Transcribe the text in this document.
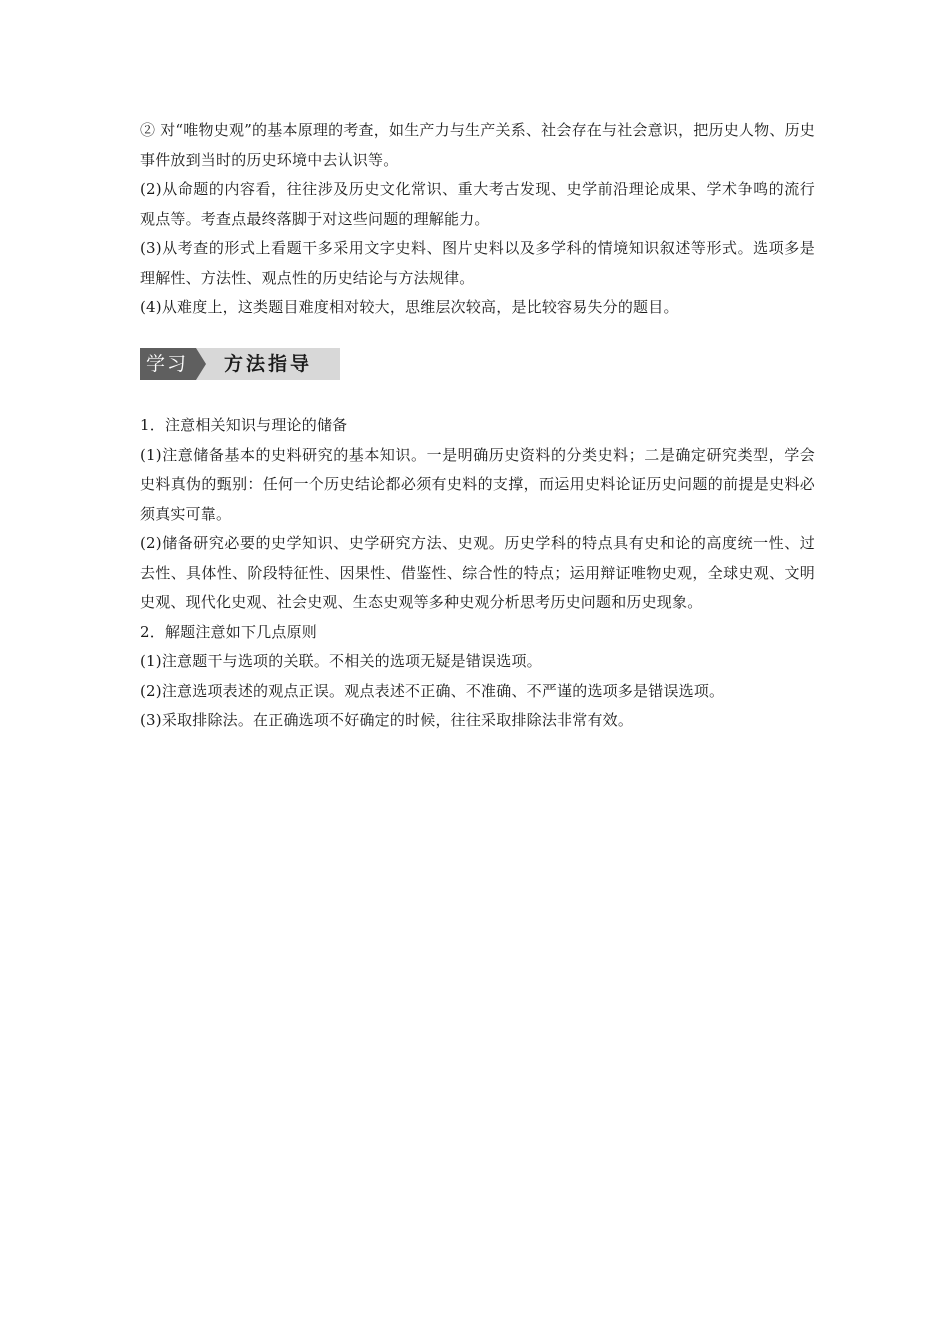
② 对“唯物史观”的基本原理的考查，如生产力与生产关系、社会存在与社会意识，把历史人物、历史事件放到当时的历史环境中去认识等。

(2)从命题的内容看，往往涉及历史文化常识、重大考古发现、史学前沿理论成果、学术争鸣的流行观点等。考查点最终落脚于对这些问题的理解能力。

(3)从考查的形式上看题干多采用文字史料、图片史料以及多学科的情境知识叙述等形式。选项多是理解性、方法性、观点性的历史结论与方法规律。

(4)从难度上，这类题目难度相对较大，思维层次较高，是比较容易失分的题目。

学习 方法指导

1．注意相关知识与理论的储备

(1)注意储备基本的史料研究的基本知识。一是明确历史资料的分类史料；二是确定研究类型，学会史料真伪的甄别：任何一个历史结论都必须有史料的支撑，而运用史料论证历史问题的前提是史料必须真实可靠。

(2)储备研究必要的史学知识、史学研究方法、史观。历史学科的特点具有史和论的高度统一性、过去性、具体性、阶段特征性、因果性、借鉴性、综合性的特点；运用辩证唯物史观，全球史观、文明史观、现代化史观、社会史观、生态史观等多种史观分析思考历史问题和历史现象。

2．解题注意如下几点原则

(1)注意题干与选项的关联。不相关的选项无疑是错误选项。

(2)注意选项表述的观点正误。观点表述不正确、不准确、不严谨的选项多是错误选项。

(3)采取排除法。在正确选项不好确定的时候，往往采取排除法非常有效。
